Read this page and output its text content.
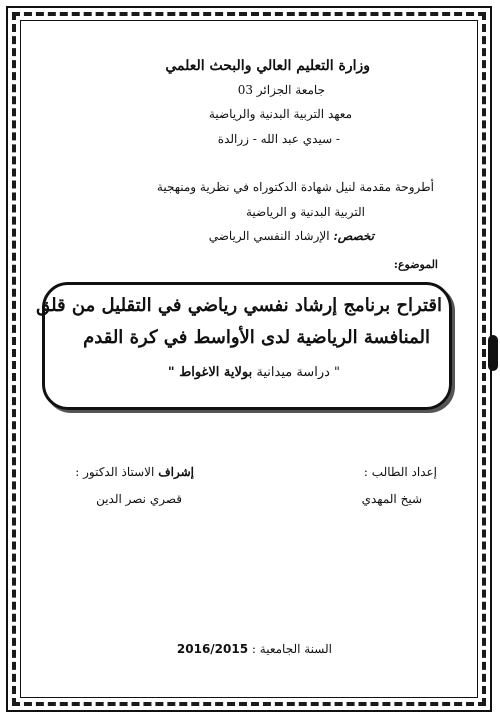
وزارة التعليم العالي والبحث العلمي
جامعة الجزائر 03
معهد التربية البدنية والرياضية
- سيدي عبد الله - زرالدة
أطروحة مقدمة لنيل شهادة الدكتوراه في نظرية ومنهجية
التربية البدنية و الرياضية
تخصص: الإرشاد النفسي الرياضي
الموضوع:
اقتراح برنامج إرشاد نفسي رياضي في التقليل من قلق
المنافسة الرياضية لدى الأواسط في كرة القدم
" دراسة ميدانية بولاية الاغواط "
إعداد الطالب :
شيخ المهدي
إشراف الاستاذ الدكتور :
قصري نصر الدين
السنة الجامعية : 2016/2015
